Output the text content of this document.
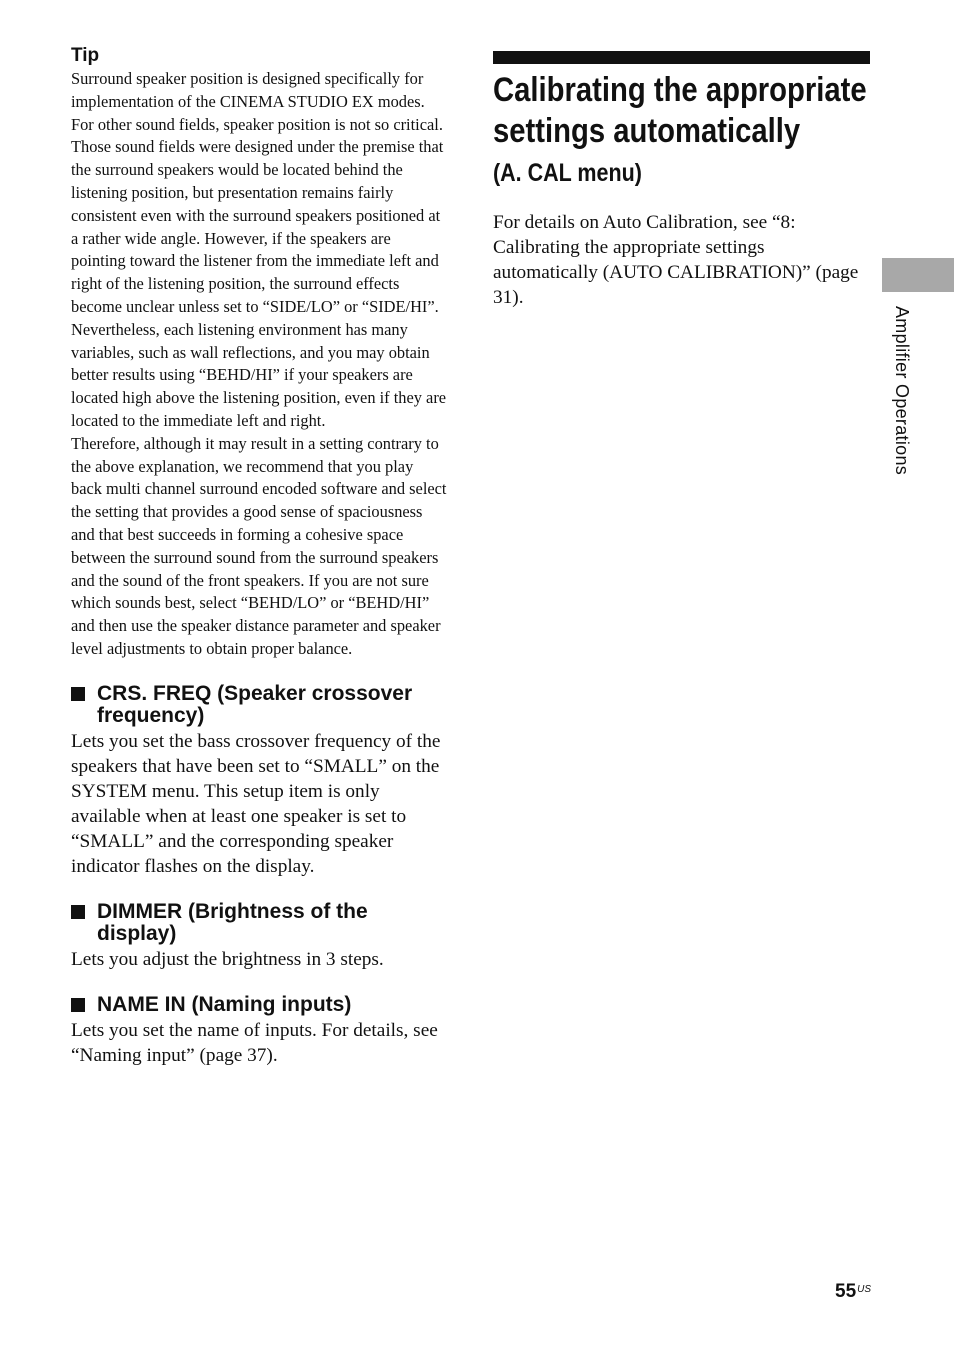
Tip

Surround speaker position is designed specifically for implementation of the CINEMA STUDIO EX modes. For other sound fields, speaker position is not so critical.

Those sound fields were designed under the premise that the surround speakers would be located behind the listening position, but presentation remains fairly consistent even with the surround speakers positioned at a rather wide angle. However, if the speakers are pointing toward the listener from the immediate left and right of the listening position, the surround effects become unclear unless set to “SIDE/LO” or “SIDE/HI”.

Nevertheless, each listening environment has many variables, such as wall reflections, and you may obtain better results using “BEHD/HI” if your speakers are located high above the listening position, even if they are located to the immediate left and right.

Therefore, although it may result in a setting contrary to the above explanation, we recommend that you play back multi channel surround encoded software and select the setting that provides a good sense of spaciousness and that best succeeds in forming a cohesive space between the surround sound from the surround speakers and the sound of the front speakers. If you are not sure which sounds best, select “BEHD/LO” or “BEHD/HI” and then use the speaker distance parameter and speaker level adjustments to obtain proper balance.

CRS. FREQ (Speaker crossover frequency)

Lets you set the bass crossover frequency of the speakers that have been set to “SMALL” on the SYSTEM menu. This setup item is only available when at least one speaker is set to “SMALL” and the corresponding speaker indicator flashes on the display.

DIMMER (Brightness of the display)

Lets you adjust the brightness in 3 steps.

NAME IN (Naming inputs)

Lets you set the name of inputs. For details, see “Naming input” (page 37).

Calibrating the appropriate settings automatically
(A. CAL menu)

For details on Auto Calibration, see “8: Calibrating the appropriate settings automatically (AUTO CALIBRATION)” (page 31).

Amplifier Operations
$55^{US}$
